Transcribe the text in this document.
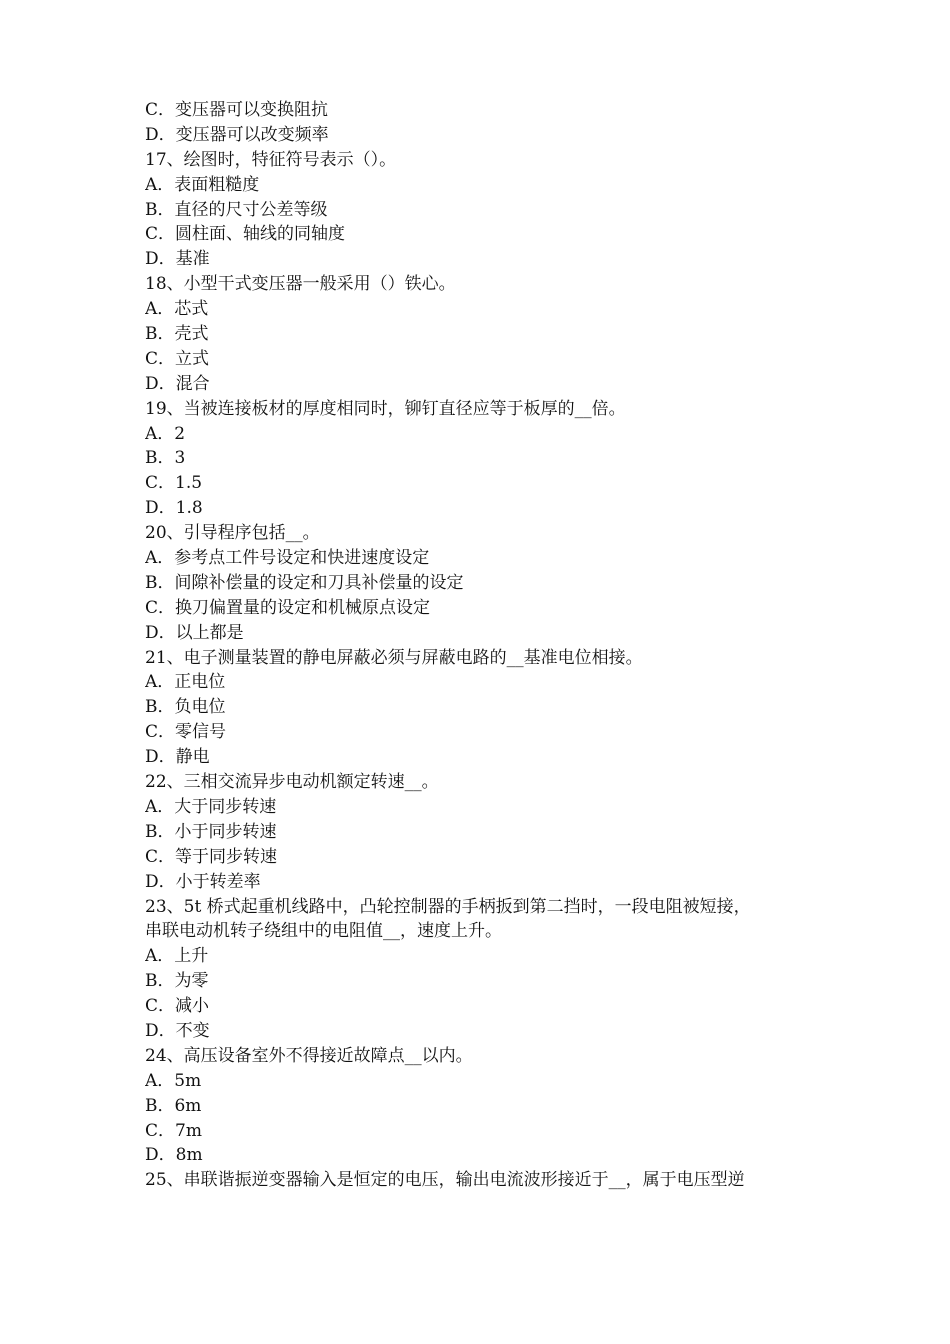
C．变压器可以变换阻抗
D．变压器可以改变频率
17、绘图时，特征符号表示（）。
A．表面粗糙度
B．直径的尺寸公差等级
C．圆柱面、轴线的同轴度
D．基准
18、小型干式变压器一般采用（）铁心。
A．芯式
B．壳式
C．立式
D．混合
19、当被连接板材的厚度相同时，铆钉直径应等于板厚的__倍。
A．2
B．3
C．1.5
D．1.8
20、引导程序包括__。
A．参考点工件号设定和快进速度设定
B．间隙补偿量的设定和刀具补偿量的设定
C．换刀偏置量的设定和机械原点设定
D．以上都是
21、电子测量装置的静电屏蔽必须与屏蔽电路的__基准电位相接。
A．正电位
B．负电位
C．零信号
D．静电
22、三相交流异步电动机额定转速__。
A．大于同步转速
B．小于同步转速
C．等于同步转速
D．小于转差率
23、5t 桥式起重机线路中，凸轮控制器的手柄扳到第二挡时，一段电阻被短接，
串联电动机转子绕组中的电阻值__，速度上升。
A．上升
B．为零
C．减小
D．不变
24、高压设备室外不得接近故障点__以内。
A．5m
B．6m
C．7m
D．8m
25、串联谐振逆变器输入是恒定的电压，输出电流波形接近于__，属于电压型逆
